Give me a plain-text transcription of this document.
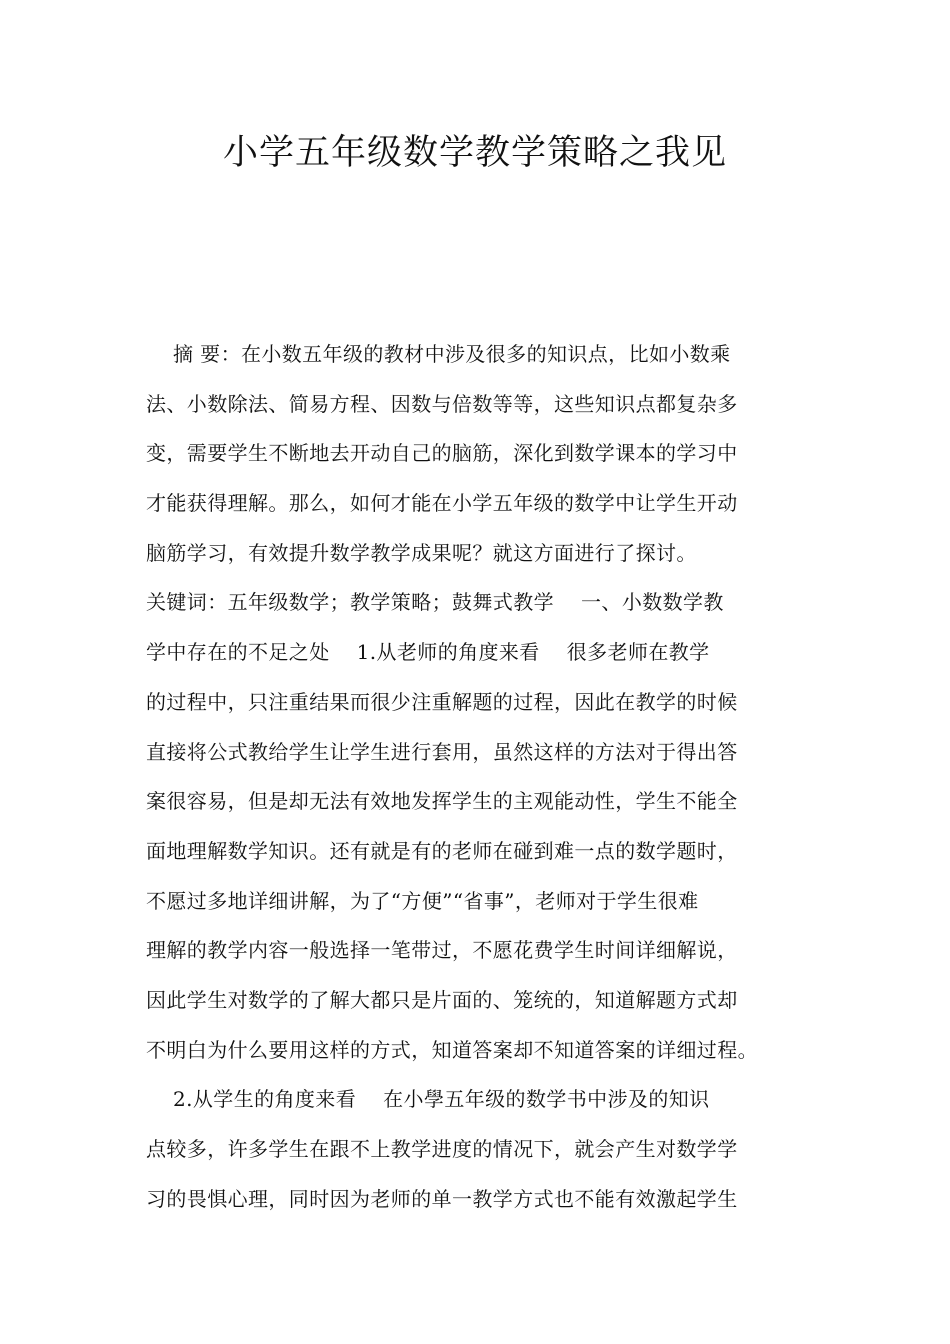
小学五年级数学教学策略之我见
摘 要：在小数五年级的教材中涉及很多的知识点，比如小数乘
法、小数除法、简易方程、因数与倍数等等，这些知识点都复杂多
变，需要学生不断地去开动自己的脑筋，深化到数学课本的学习中
才能获得理解。那么，如何才能在小学五年级的数学中让学生开动
脑筋学习，有效提升数学教学成果呢？就这方面进行了探讨。
关键词：五年级数学；教学策略；鼓舞式教学    一、小数数学教
学中存在的不足之处    1.从老师的角度来看    很多老师在教学
的过程中，只注重结果而很少注重解题的过程，因此在教学的时候
直接将公式教给学生让学生进行套用，虽然这样的方法对于得出答
案很容易，但是却无法有效地发挥学生的主观能动性，学生不能全
面地理解数学知识。还有就是有的老师在碰到难一点的数学题时，
不愿过多地详细讲解，为了“方便”“省事”，老师对于学生很难
理解的教学内容一般选择一笔带过，不愿花费学生时间详细解说，
因此学生对数学的了解大都只是片面的、笼统的，知道解题方式却
不明白为什么要用这样的方式，知道答案却不知道答案的详细过程。
2.从学生的角度来看    在小學五年级的数学书中涉及的知识
点较多，许多学生在跟不上教学进度的情况下，就会产生对数学学
习的畏惧心理，同时因为老师的单一教学方式也不能有效激起学生
